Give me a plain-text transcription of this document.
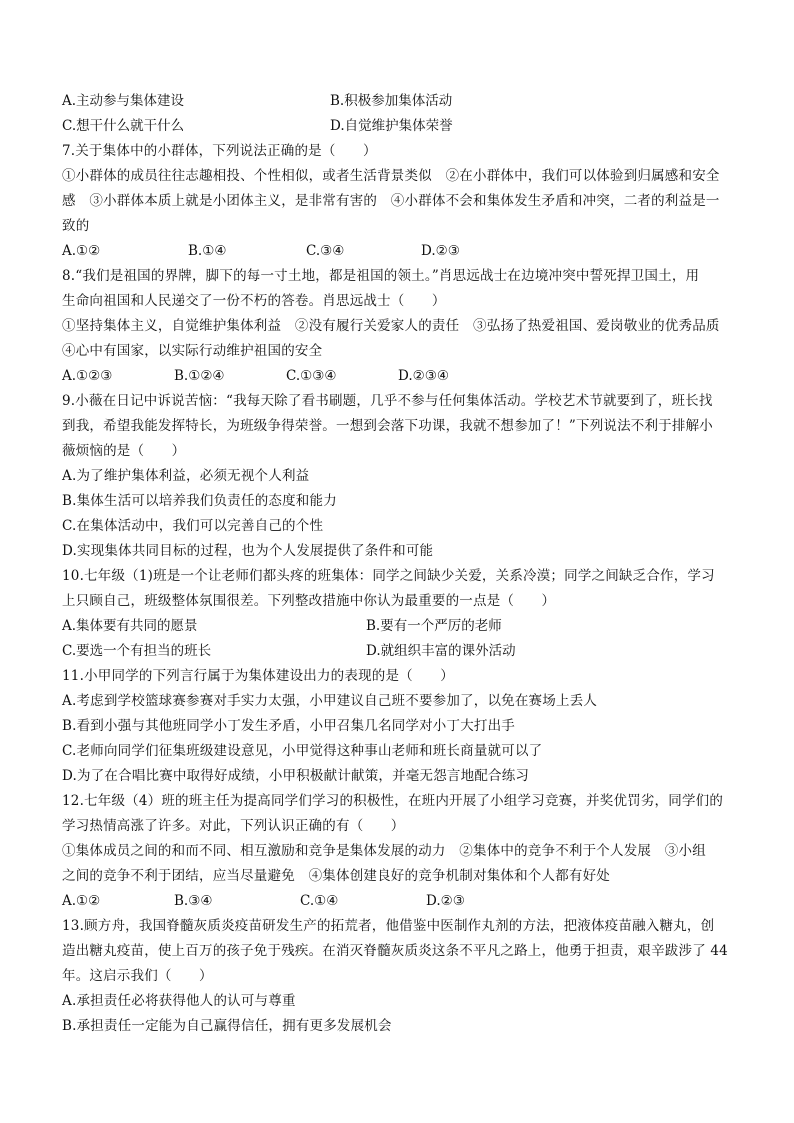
A.主动参与集体建设	B.积极参加集体活动
C.想干什么就干什么	D.自觉维护集体荣誉
7.关于集体中的小群体，下列说法正确的是（　　）
①小群体的成员往往志趣相投、个性相似，或者生活背景类似　②在小群体中，我们可以体验到归属感和安全
感　③小群体本质上就是小团体主义，是非常有害的　④小群体不会和集体发生矛盾和冲突，二者的利益是一
致的
A.①②	B.①④	C.③④	D.②③
8.“我们是祖国的界牌，脚下的每一寸土地，都是祖国的领土。”肖思远战士在边境冲突中誓死捍卫国土，用
生命向祖国和人民递交了一份不朽的答卷。肖思远战士（　　）
①坚持集体主义，自觉维护集体利益　②没有履行关爱家人的责任　③弘扬了热爱祖国、爱岗敬业的优秀品质
④心中有国家，以实际行动维护祖国的安全
A.①②③	B.①②④	C.①③④	D.②③④
9.小薇在日记中诉说苦恼：“我每天除了看书刷题，几乎不参与任何集体活动。学校艺术节就要到了，班长找
到我，希望我能发挥特长，为班级争得荣誉。一想到会落下功课，我就不想参加了！”下列说法不利于排解小
薇烦恼的是（　　）
A.为了维护集体利益，必须无视个人利益
B.集体生活可以培养我们负责任的态度和能力
C.在集体活动中，我们可以完善自己的个性
D.实现集体共同目标的过程，也为个人发展提供了条件和可能
10.七年级（1)班是一个让老师们都头疼的班集体：同学之间缺少关爱，关系冷漠；同学之间缺乏合作，学习
上只顾自己，班级整体氛围很差。下列整改措施中你认为最重要的一点是（　　）
A.集体要有共同的愿景	B.要有一个严厉的老师
C.要选一个有担当的班长	D.就组织丰富的课外活动
11.小甲同学的下列言行属于为集体建设出力的表现的是（　　）
A.考虑到学校篮球赛参赛对手实力太强，小甲建议自己班不要参加了，以免在赛场上丢人
B.看到小强与其他班同学小丁发生矛盾，小甲召集几名同学对小丁大打出手
C.老师向同学们征集班级建设意见，小甲觉得这种事山老师和班长商量就可以了
D.为了在合唱比赛中取得好成绩，小甲积极献计献策，并毫无怨言地配合练习
12.七年级（4）班的班主任为提高同学们学习的积极性，在班内开展了小组学习竞赛，并奖优罚劣，同学们的
学习热情高涨了许多。对此，下列认识正确的有（　　）
①集体成员之间的和而不同、相互激励和竞争是集体发展的动力　②集体中的竞争不利于个人发展　③小组
之间的竞争不利于团结，应当尽量避免　④集体创建良好的竞争机制对集体和个人都有好处
A.①②	B.③④	C.①④	D.②③
13.顾方舟，我国脊髓灰质炎疫苗研发生产的拓荒者，他借鉴中医制作丸剂的方法，把液体疫苗融入糖丸，创
造出糖丸疫苗，使上百万的孩子免于残疾。在消灭脊髓灰质炎这条不平凡之路上，他勇于担责，艰辛跋涉了 44
年。这启示我们（　　）
A.承担责任必将获得他人的认可与尊重
B.承担责任一定能为自己赢得信任，拥有更多发展机会
